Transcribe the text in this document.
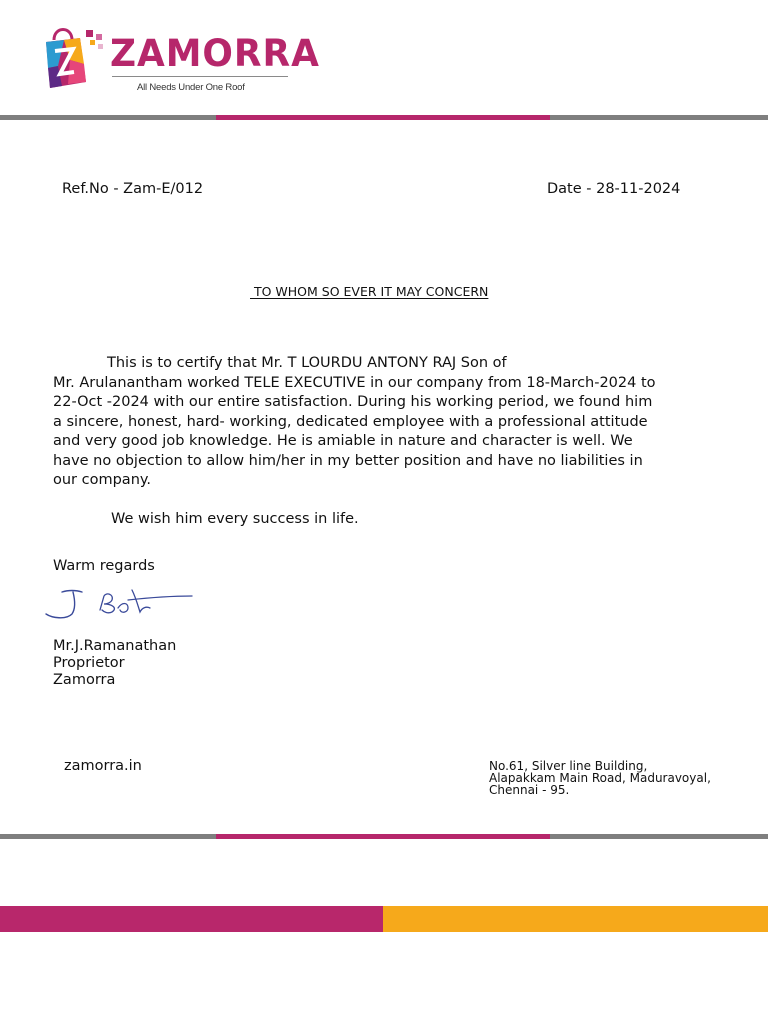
ZAMORRA
All Needs Under One Roof
Ref.No - Zam-E/012	Date - 28-11-2024
TO WHOM SO EVER IT MAY CONCERN
This is to certify that Mr. T LOURDU ANTONY RAJ Son of
Mr. Arulanantham worked TELE EXECUTIVE in our company from 18-March-2024 to
22-Oct -2024 with our entire satisfaction. During his working period, we found him
a sincere, honest, hard- working, dedicated employee with a professional attitude
and very good job knowledge. He is amiable in nature and character is well. We
have no objection to allow him/her in my better position and have no liabilities in
our company.
We wish him every success in life.
Warm regards
Mr.J.Ramanathan
Proprietor
Zamorra
zamorra.in	No.61, Silver line Building,
Alapakkam Main Road, Maduravoyal,
Chennai - 95.
